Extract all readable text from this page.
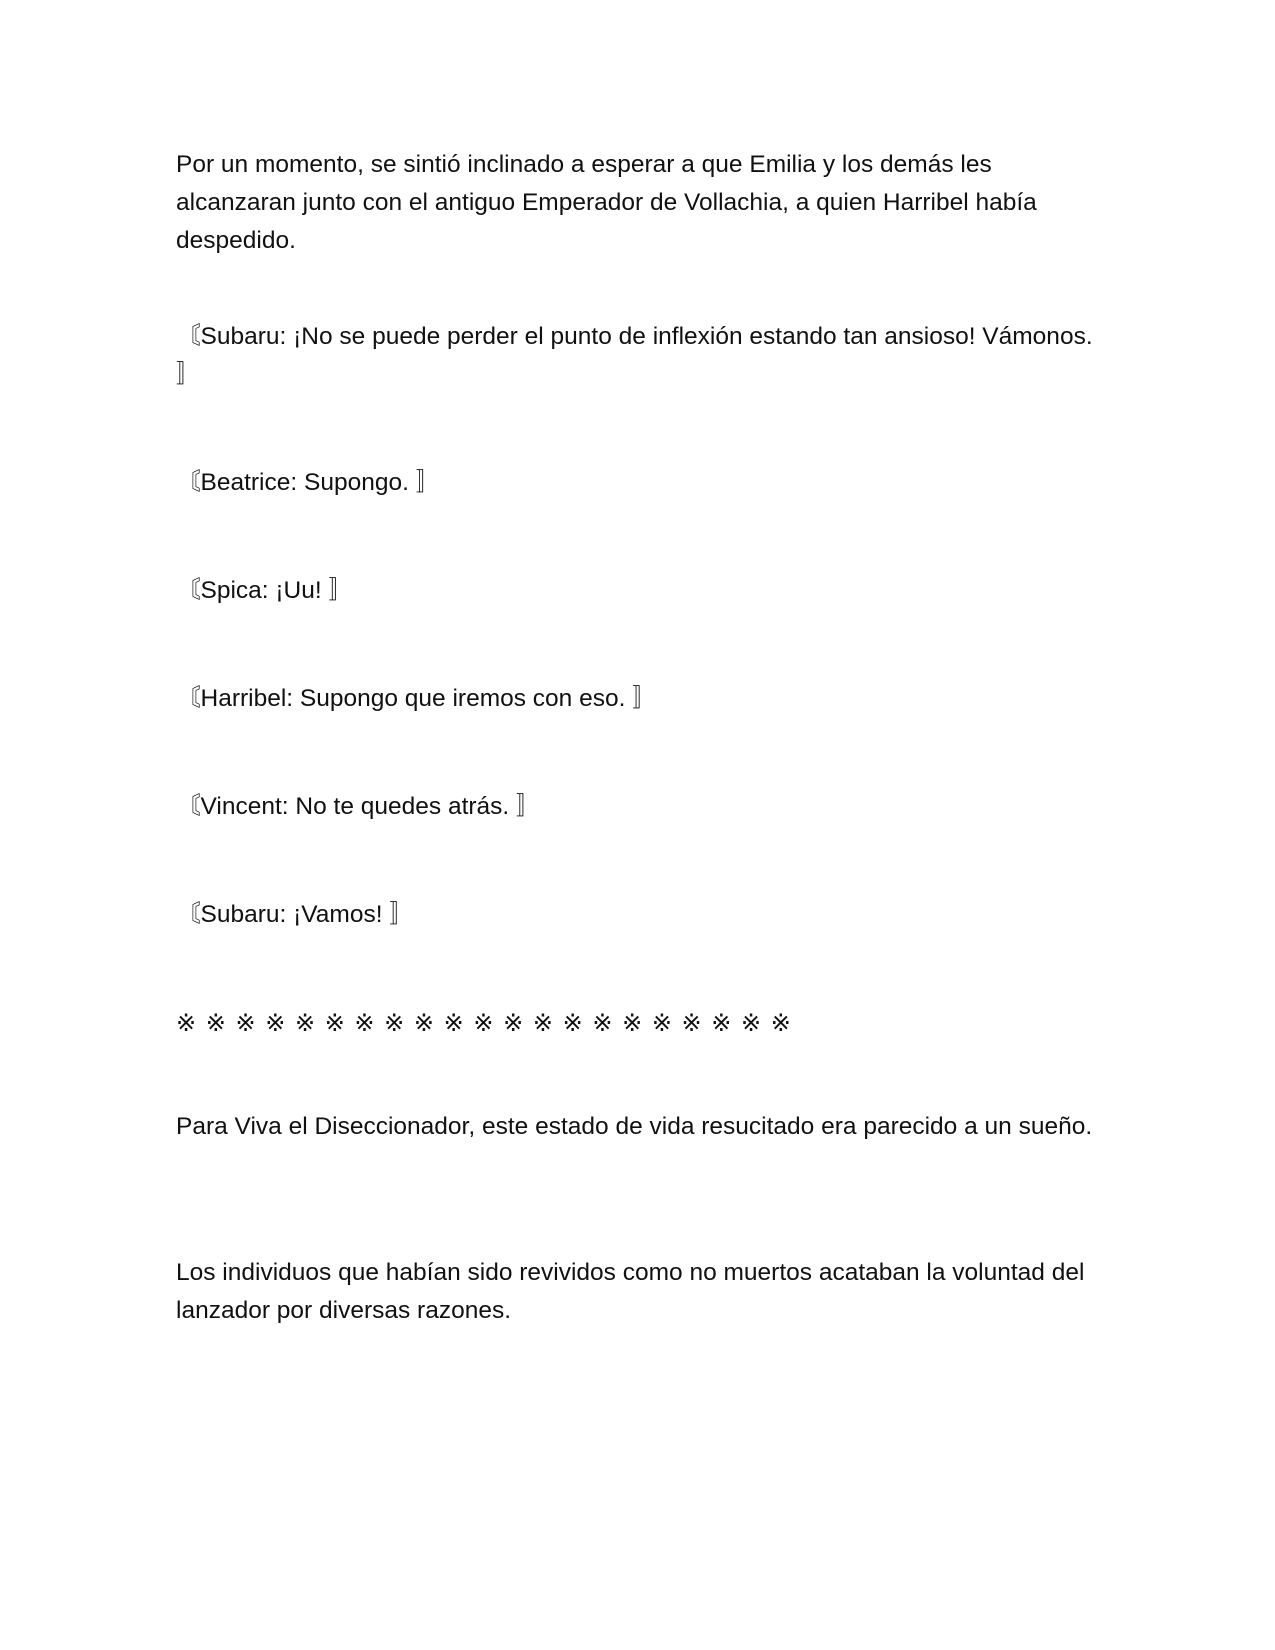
Por un momento, se sintió inclinado a esperar a que Emilia y los demás les alcanzaran junto con el antiguo Emperador de Vollachia, a quien Harribel había despedido.

〘Subaru: ¡No se puede perder el punto de inflexión estando tan ansioso! Vámonos. 〛

〘Beatrice: Supongo. 〛

〘Spica: ¡Uu! 〛

〘Harribel: Supongo que iremos con eso. 〛

〘Vincent: No te quedes atrás. 〛

〘Subaru: ¡Vamos! 〛

※ ※ ※ ※ ※ ※ ※ ※ ※ ※ ※ ※ ※ ※ ※ ※ ※ ※ ※ ※ ※

Para Viva el Diseccionador, este estado de vida resucitado era parecido a un sueño.

Los individuos que habían sido revividos como no muertos acataban la voluntad del lanzador por diversas razones.
